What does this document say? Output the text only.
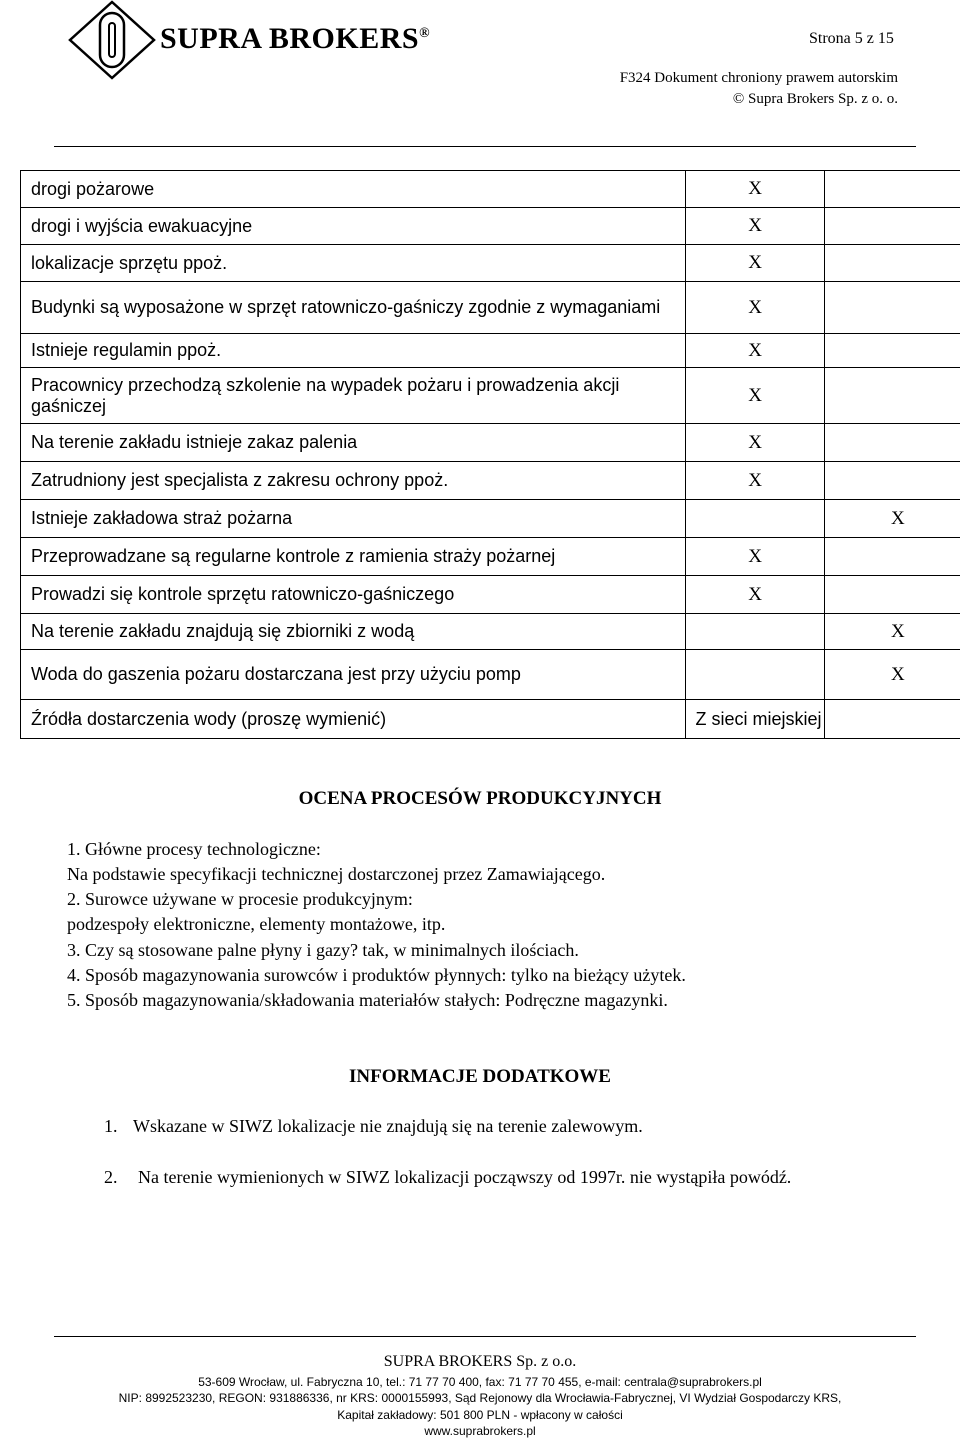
SUPRA BROKERS®	Strona 5 z 15
F324 Dokument chroniony prawem autorskim
© Supra Brokers Sp. z o. o.
drogi pożarowe	X	
drogi i wyjścia ewakuacyjne	X	
lokalizacje sprzętu ppoż.	X	
Budynki są wyposażone w sprzęt ratowniczo-gaśniczy zgodnie z wymaganiami	X	
Istnieje regulamin ppoż.	X	
Pracownicy przechodzą szkolenie na wypadek pożaru i prowadzenia akcji gaśniczej	X	
Na terenie zakładu istnieje zakaz palenia	X	
Zatrudniony jest specjalista z zakresu ochrony ppoż.	X	
Istnieje zakładowa straż pożarna		X
Przeprowadzane są regularne kontrole z ramienia straży pożarnej	X	
Prowadzi się kontrole sprzętu ratowniczo-gaśniczego	X	
Na terenie zakładu znajdują się zbiorniki z wodą		X
Woda do gaszenia pożaru dostarczana jest przy użyciu pomp		X
Źródła dostarczenia wody (proszę wymienić)	Z sieci miejskiej	
OCENA PROCESÓW PRODUKCYJNYCH
1. Główne procesy technologiczne:
Na podstawie specyfikacji technicznej dostarczonej przez Zamawiającego.
2. Surowce używane w procesie produkcyjnym:
podzespoły elektroniczne, elementy montażowe, itp.
3. Czy są stosowane palne płyny i gazy? tak, w minimalnych ilościach.
4. Sposób magazynowania surowców i produktów płynnych: tylko na bieżący użytek.
5. Sposób magazynowania/składowania materiałów stałych: Podręczne magazynki.
INFORMACJE DODATKOWE
1. Wskazane w SIWZ lokalizacje nie znajdują się na terenie zalewowym.
2. Na terenie wymienionych w SIWZ lokalizacji począwszy od 1997r. nie wystąpiła powódź.
SUPRA BROKERS Sp. z o.o.
53-609 Wrocław, ul. Fabryczna 10, tel.: 71 77 70 400, fax: 71 77 70 455, e-mail: centrala@suprabrokers.pl
NIP: 8992523230, REGON: 931886336, nr KRS: 0000155993, Sąd Rejonowy dla Wrocławia-Fabrycznej, VI Wydział Gospodarczy KRS,
Kapitał zakładowy: 501 800 PLN - wpłacony w całości
www.suprabrokers.pl
